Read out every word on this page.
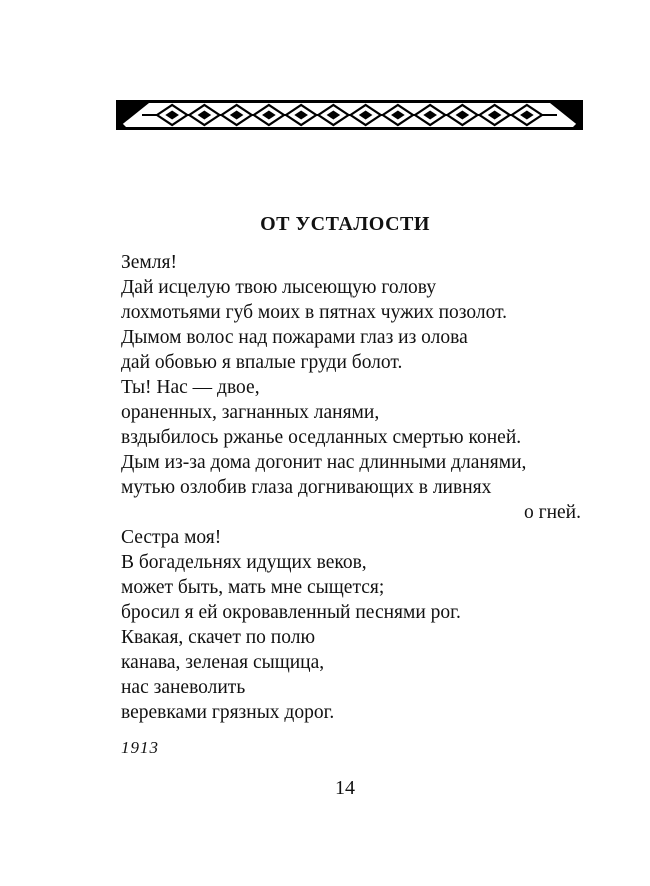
ОТ УСТАЛОСТИ
Земля!
Дай исцелую твою лысеющую голову
лохмотьями губ моих в пятнах чужих позолот.
Дымом волос над пожарами глаз из олова
дай обовью я впалые груди болот.
Ты! Нас — двое,
ораненных, загнанных ланями,
вздыбилось ржанье оседланных смертью коней.
Дым из-за дома догонит нас длинными дланями,
мутью озлобив глаза догнивающих в ливнях
о гней.
Сестра моя!
В богадельнях идущих веков,
может быть, мать мне сыщется;
бросил я ей окровавленный песнями рог.
Квакая, скачет по полю
канава, зеленая сыщица,
нас заневолить
веревками грязных дорог.
1913
14
